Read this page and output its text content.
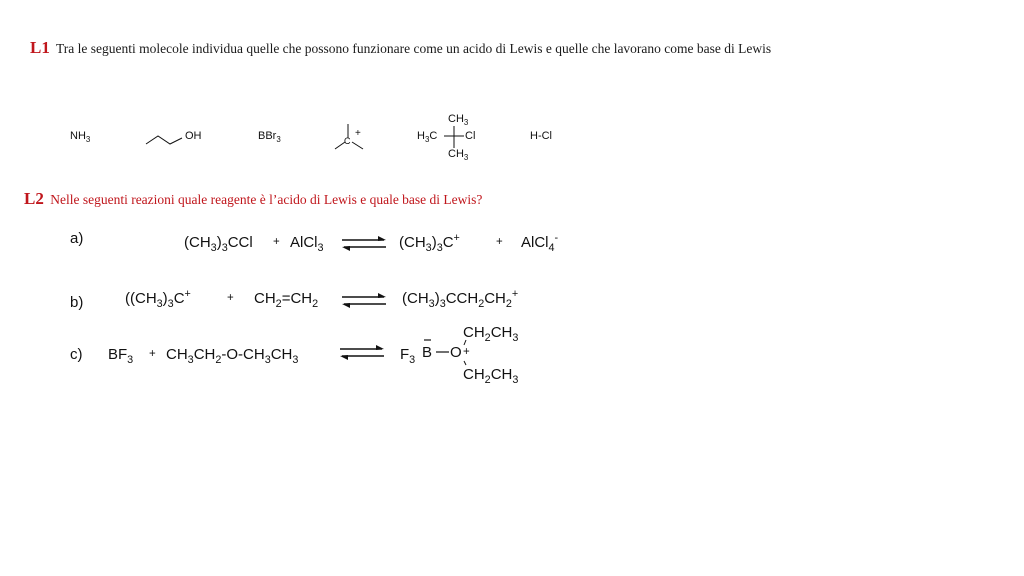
L1 Tra le seguenti molecole individua quelle che possono funzionare come un acido di Lewis e quelle che lavorano come base di Lewis
$NH_3$	OH	BBr$_3$	C
+
$CH_3$
$H_3C$	Cl
$CH_3$
H-Cl
L2 Nelle seguenti reazioni quale reagente è l’acido di Lewis e quale base di Lewis?
a)	$(CH_3)_3CCl$ + AlCl$_3$	$(CH_3)_3C^+$	+ AlCl$_4$-
b)	($(CH_3)_3C^+$	+ $CH_2=CH_2$	$(CH_3)_3CCH_2CH_2^+$
c) $BF_3 + CH_3CH_2-O-CH_3CH_3$	$F_3$ B O +
$CH_2CH_3$
$CH_2CH_3$
